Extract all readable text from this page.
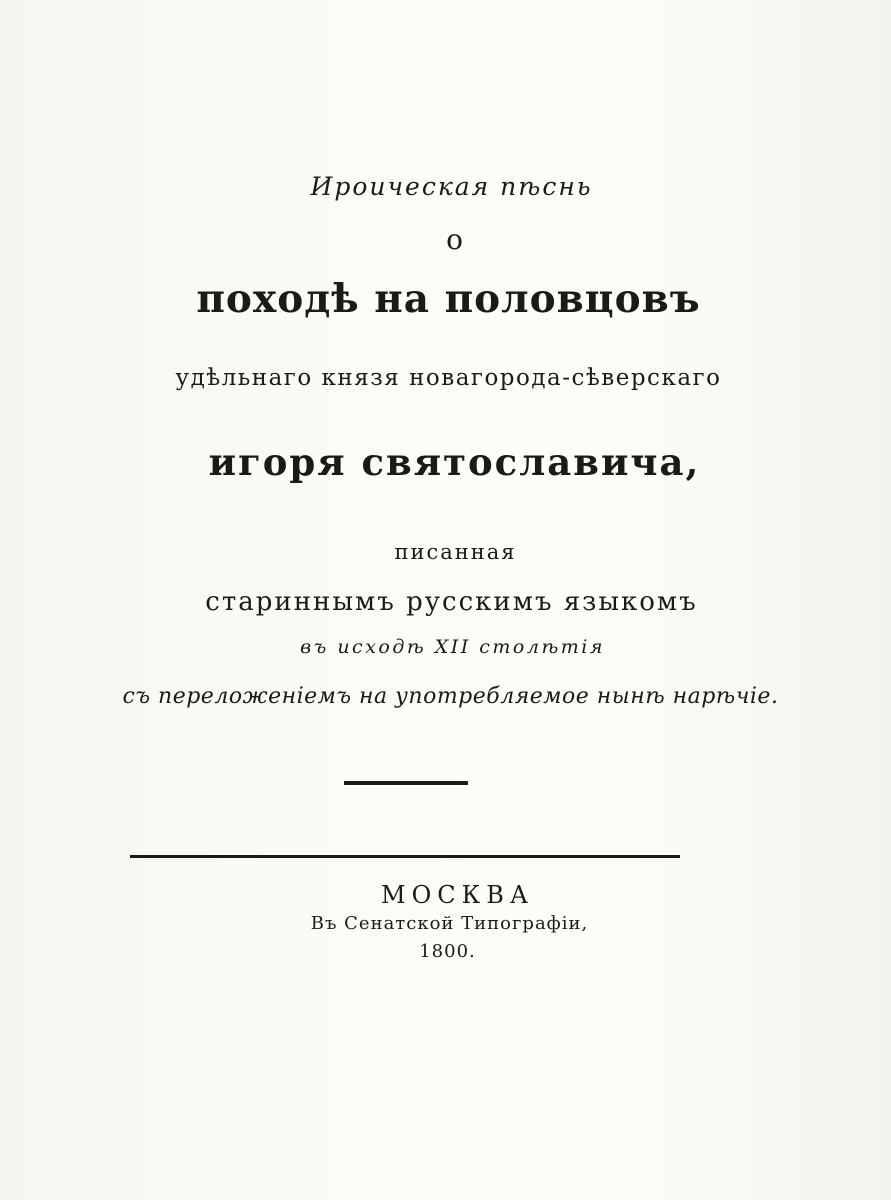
Ироическая пѣснь
о
походѣ на половцовъ
удѣльнаго князя новагорода-сѣверскаго
игоря святославича,
писанная
стариннымъ русскимъ языкомъ
въ исходѣ XII столѣтія
съ переложенiемъ на употребляемое нынѣ нарѣчiе.
МОСКВА
Въ Сенатской Типографiи,
1800.
